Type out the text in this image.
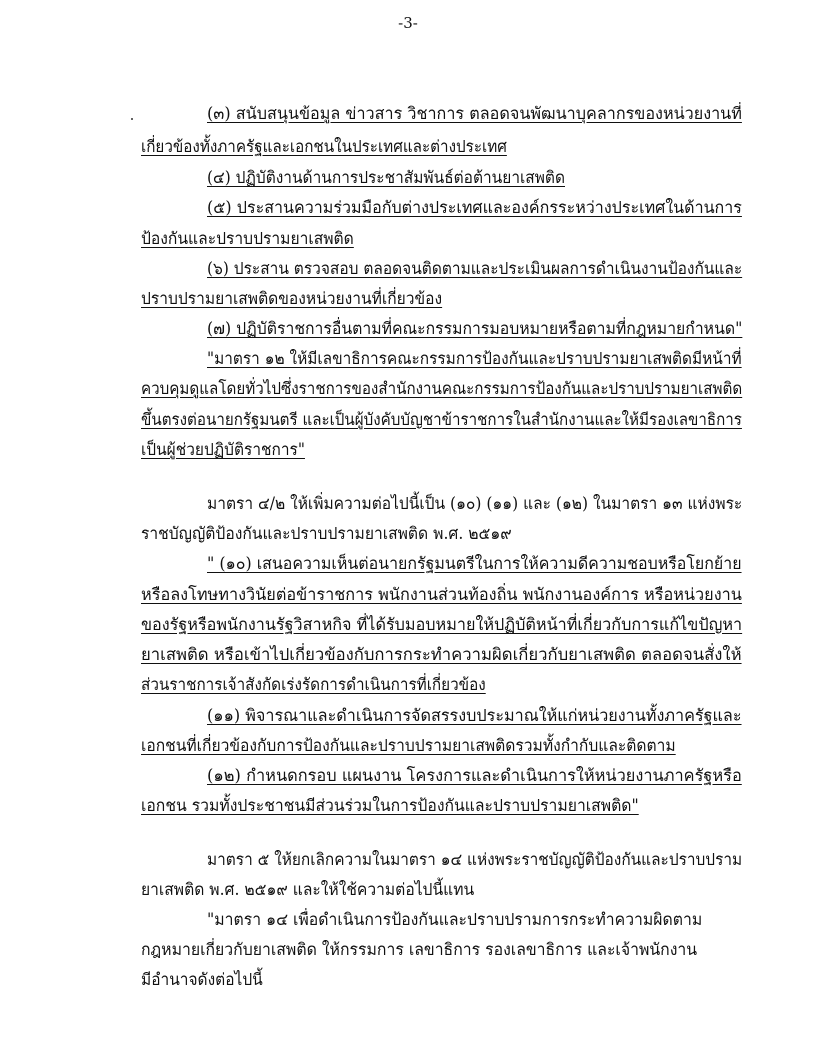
-3-
(๓) สนับสนุนข้อมูล ข่าวสาร วิชาการ ตลอดจนพัฒนาบุคลากรของหน่วยงานที่
เกี่ยวข้องทั้งภาครัฐและเอกชนในประเทศและต่างประเทศ
(๔) ปฏิบัติงานด้านการประชาสัมพันธ์ต่อต้านยาเสพติด
(๕) ประสานความร่วมมือกับต่างประเทศและองค์กรระหว่างประเทศในด้านการ
ป้องกันและปราบปรามยาเสพติด
(๖) ประสาน ตรวจสอบ ตลอดจนติดตามและประเมินผลการดำเนินงานป้องกันและ
ปราบปรามยาเสพติดของหน่วยงานที่เกี่ยวข้อง
(๗) ปฏิบัติราชการอื่นตามที่คณะกรรมการมอบหมายหรือตามที่กฎหมายกำหนด"
"มาตรา ๑๒ ให้มีเลขาธิการคณะกรรมการป้องกันและปราบปรามยาเสพติดมีหน้าที่
ควบคุมดูแลโดยทั่วไปซึ่งราชการของสำนักงานคณะกรรมการป้องกันและปราบปรามยาเสพติด
ขึ้นตรงต่อนายกรัฐมนตรี และเป็นผู้บังคับบัญชาข้าราชการในสำนักงานและให้มีรองเลขาธิการ
เป็นผู้ช่วยปฏิบัติราชการ"
มาตรา ๔/๒ ให้เพิ่มความต่อไปนี้เป็น (๑๐) (๑๑) และ (๑๒) ในมาตรา ๑๓ แห่งพระ
ราชบัญญัติป้องกันและปราบปรามยาเสพติด พ.ศ. ๒๕๑๙
" (๑๐) เสนอความเห็นต่อนายกรัฐมนตรีในการให้ความดีความชอบหรือโยกย้าย
หรือลงโทษทางวินัยต่อข้าราชการ พนักงานส่วนท้องถิ่น พนักงานองค์การ หรือหน่วยงาน
ของรัฐหรือพนักงานรัฐวิสาหกิจ ที่ได้รับมอบหมายให้ปฏิบัติหน้าที่เกี่ยวกับการแก้ไขปัญหา
ยาเสพติด หรือเข้าไปเกี่ยวข้องกับการกระทำความผิดเกี่ยวกับยาเสพติด ตลอดจนสั่งให้
ส่วนราชการเจ้าสังกัดเร่งรัดการดำเนินการที่เกี่ยวข้อง
(๑๑) พิจารณาและดำเนินการจัดสรรงบประมาณให้แก่หน่วยงานทั้งภาครัฐและ
เอกชนที่เกี่ยวข้องกับการป้องกันและปราบปรามยาเสพติดรวมทั้งกำกับและติดตาม
(๑๒) กำหนดกรอบ แผนงาน โครงการและดำเนินการให้หน่วยงานภาครัฐหรือ
เอกชน รวมทั้งประชาชนมีส่วนร่วมในการป้องกันและปราบปรามยาเสพติด"
มาตรา ๕ ให้ยกเลิกความในมาตรา ๑๔ แห่งพระราชบัญญัติป้องกันและปราบปราม
ยาเสพติด พ.ศ. ๒๕๑๙ และให้ใช้ความต่อไปนี้แทน
"มาตรา ๑๔ เพื่อดำเนินการป้องกันและปราบปรามการกระทำความผิดตาม
กฎหมายเกี่ยวกับยาเสพติด ให้กรรมการ เลขาธิการ รองเลขาธิการ และเจ้าพนักงาน
มีอำนาจดังต่อไปนี้
